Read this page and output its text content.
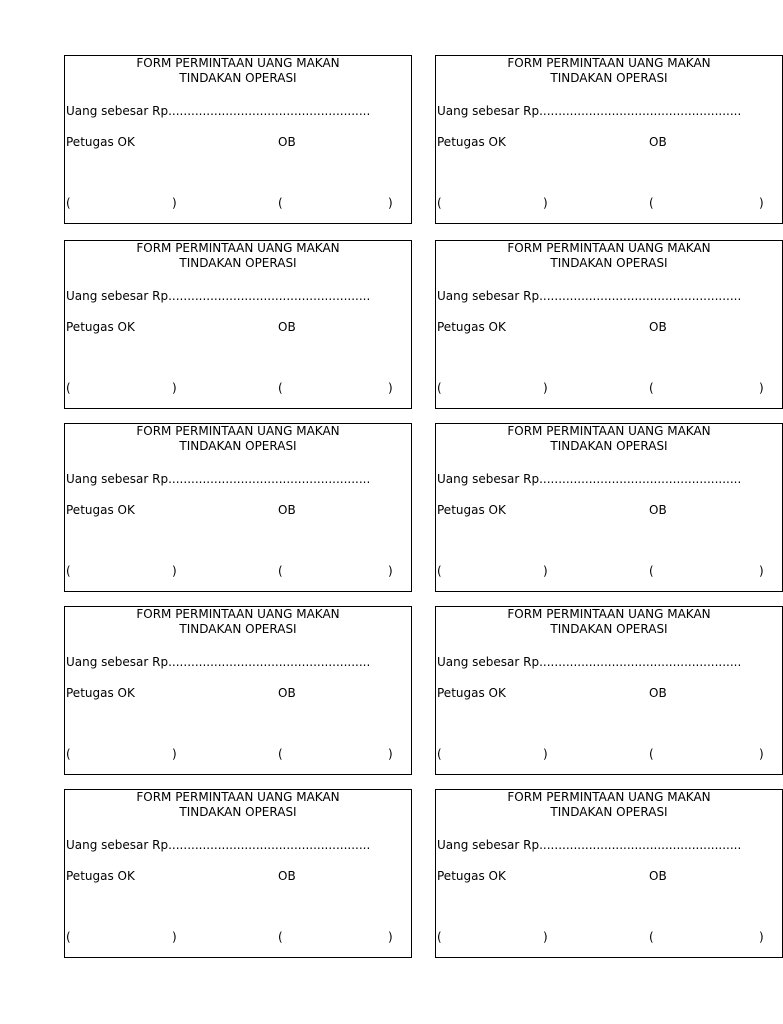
FORM PERMINTAAN UANG MAKAN
TINDAKAN OPERASI
Uang sebesar Rp.....................................................
Petugas OK	OB
(	)	(	)
FORM PERMINTAAN UANG MAKAN
TINDAKAN OPERASI
Uang sebesar Rp.....................................................
Petugas OK	OB
(	)	(	)
FORM PERMINTAAN UANG MAKAN
TINDAKAN OPERASI
Uang sebesar Rp.....................................................
Petugas OK	OB
(	)	(	)
FORM PERMINTAAN UANG MAKAN
TINDAKAN OPERASI
Uang sebesar Rp.....................................................
Petugas OK	OB
(	)	(	)
FORM PERMINTAAN UANG MAKAN
TINDAKAN OPERASI
Uang sebesar Rp.....................................................
Petugas OK	OB
(	)	(	)
FORM PERMINTAAN UANG MAKAN
TINDAKAN OPERASI
Uang sebesar Rp.....................................................
Petugas OK	OB
(	)	(	)
FORM PERMINTAAN UANG MAKAN
TINDAKAN OPERASI
Uang sebesar Rp.....................................................
Petugas OK	OB
(	)	(	)
FORM PERMINTAAN UANG MAKAN
TINDAKAN OPERASI
Uang sebesar Rp.....................................................
Petugas OK	OB
(	)	(	)
FORM PERMINTAAN UANG MAKAN
TINDAKAN OPERASI
Uang sebesar Rp.....................................................
Petugas OK	OB
(	)	(	)
FORM PERMINTAAN UANG MAKAN
TINDAKAN OPERASI
Uang sebesar Rp.....................................................
Petugas OK	OB
(	)	(	)
